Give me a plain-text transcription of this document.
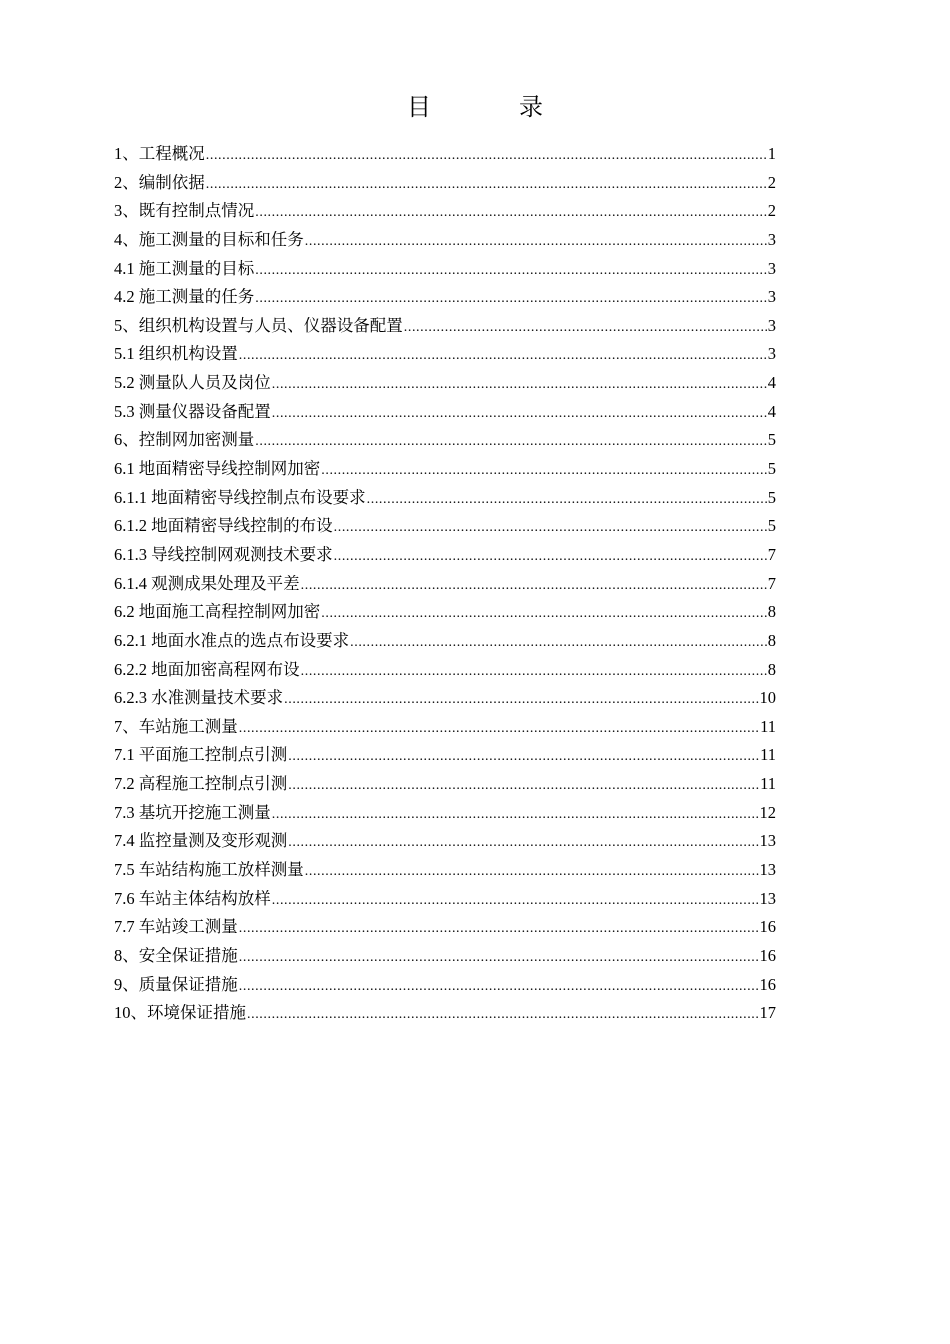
目　录
1、工程概况 .....	1
2、编制依据 .....	2
3、既有控制点情况 .....	2
4、施工测量的目标和任务 .....	3
4.1 施工测量的目标 .....	3
4.2 施工测量的任务 .....	3
5、组织机构设置与人员、仪器设备配置 .....	3
5.1 组织机构设置 .....	3
5.2 测量队人员及岗位 .....	4
5.3 测量仪器设备配置 .....	4
6、控制网加密测量 .....	5
6.1 地面精密导线控制网加密 .....	5
6.1.1 地面精密导线控制点布设要求 .....	5
6.1.2 地面精密导线控制的布设 .....	5
6.1.3 导线控制网观测技术要求 .....	7
6.1.4 观测成果处理及平差 .....	7
6.2 地面施工高程控制网加密 .....	8
6.2.1 地面水准点的选点布设要求 .....	8
6.2.2 地面加密高程网布设 .....	8
6.2.3 水准测量技术要求 .....	10
7、车站施工测量 .....	11
7.1 平面施工控制点引测 .....	11
7.2 高程施工控制点引测 .....	11
7.3 基坑开挖施工测量 .....	12
7.4 监控量测及变形观测 .....	13
7.5 车站结构施工放样测量 .....	13
7.6 车站主体结构放样 .....	13
7.7 车站竣工测量 .....	16
8、安全保证措施 .....	16
9、质量保证措施 .....	16
10、环境保证措施 .....	17
